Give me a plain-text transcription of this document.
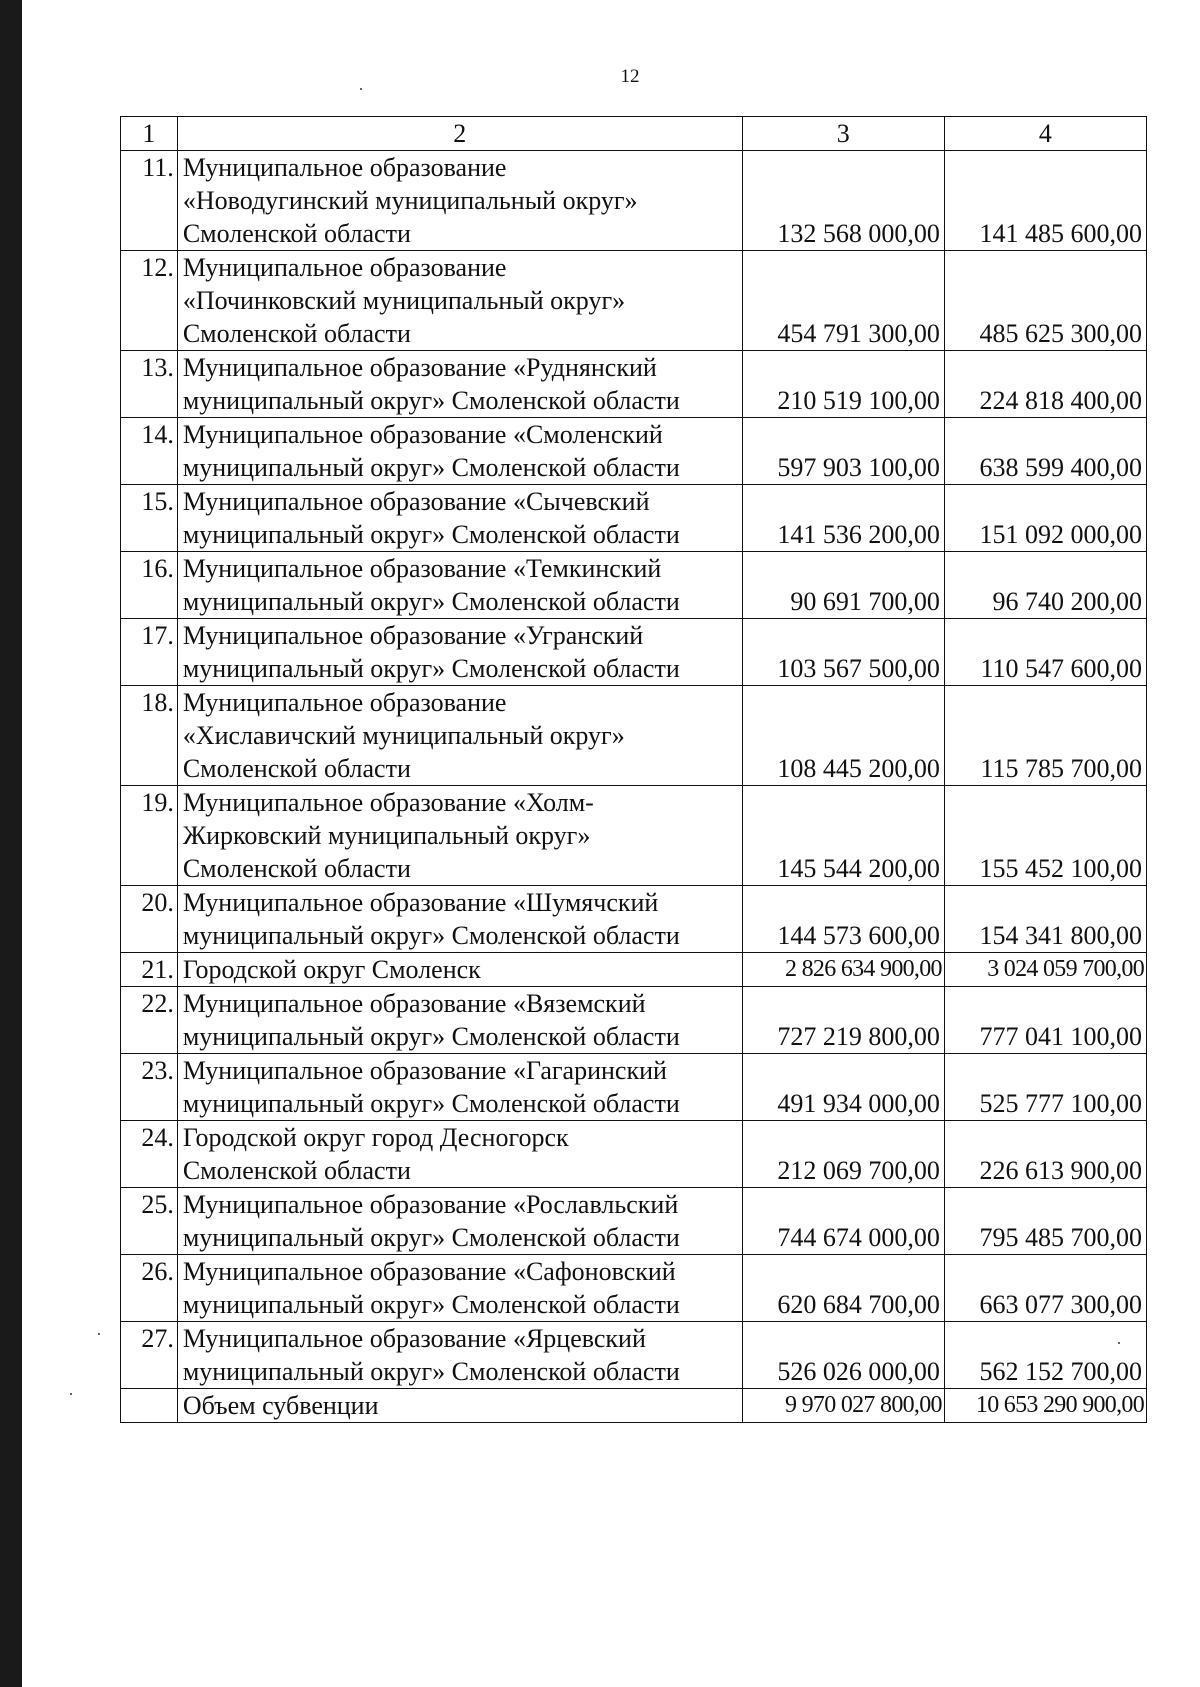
12
1	2	3	4
11.	Муниципальное образование
«Новодугинский муниципальный округ»
Смоленской области	132 568 000,00	141 485 600,00
12.	Муниципальное образование
«Починковский муниципальный округ»
Смоленской области	454 791 300,00	485 625 300,00
13.	Муниципальное образование «Руднянский
муниципальный округ» Смоленской области	210 519 100,00	224 818 400,00
14.	Муниципальное образование «Смоленский
муниципальный округ» Смоленской области	597 903 100,00	638 599 400,00
15.	Муниципальное образование «Сычевский
муниципальный округ» Смоленской области	141 536 200,00	151 092 000,00
16.	Муниципальное образование «Темкинский
муниципальный округ» Смоленской области	90 691 700,00	96 740 200,00
17.	Муниципальное образование «Угранский
муниципальный округ» Смоленской области	103 567 500,00	110 547 600,00
18.	Муниципальное образование
«Хиславичский муниципальный округ»
Смоленской области	108 445 200,00	115 785 700,00
19.	Муниципальное образование «Холм-
Жирковский муниципальный округ»
Смоленской области	145 544 200,00	155 452 100,00
20.	Муниципальное образование «Шумячский
муниципальный округ» Смоленской области	144 573 600,00	154 341 800,00
21.	Городской округ Смоленск	2 826 634 900,00	3 024 059 700,00
22.	Муниципальное образование «Вяземский
муниципальный округ» Смоленской области	727 219 800,00	777 041 100,00
23.	Муниципальное образование «Гагаринский
муниципальный округ» Смоленской области	491 934 000,00	525 777 100,00
24.	Городской округ город Десногорск
Смоленской области	212 069 700,00	226 613 900,00
25.	Муниципальное образование «Рославльский
муниципальный округ» Смоленской области	744 674 000,00	795 485 700,00
26.	Муниципальное образование «Сафоновский
муниципальный округ» Смоленской области	620 684 700,00	663 077 300,00
27.	Муниципальное образование «Ярцевский
муниципальный округ» Смоленской области	526 026 000,00	562 152 700,00
	Объем субвенции	9 970 027 800,00	10 653 290 900,00
